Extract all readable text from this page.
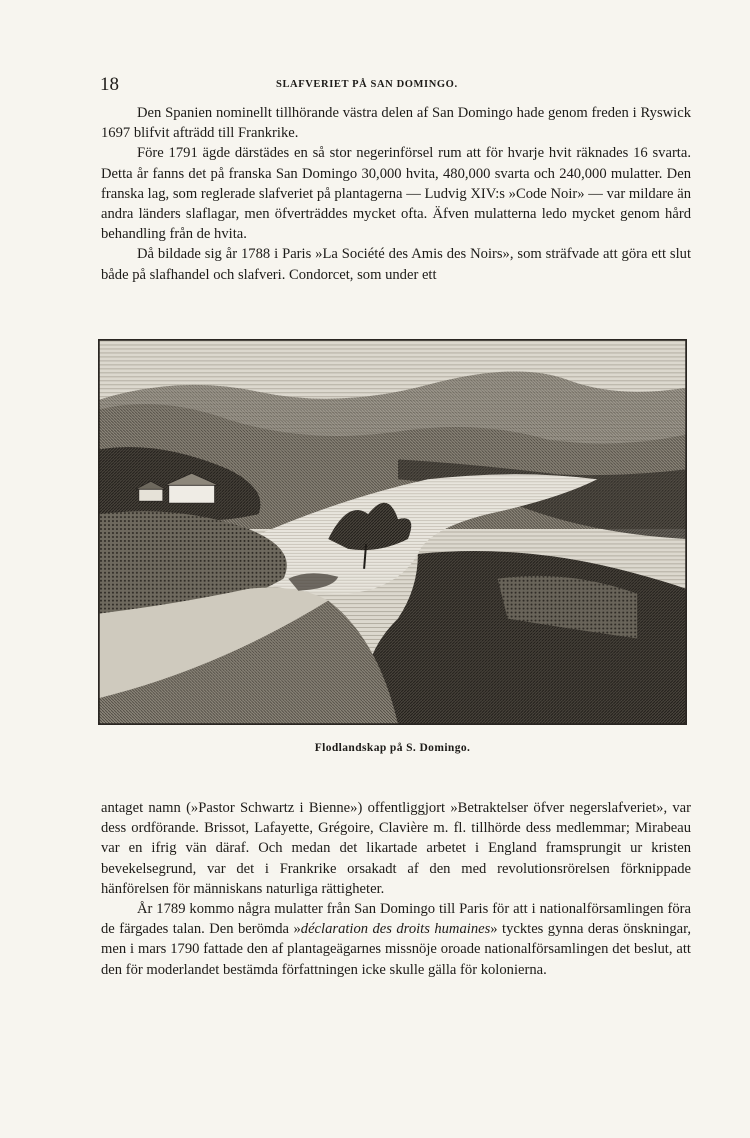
18	SLAFVERIET PÅ SAN DOMINGO.

Den Spanien nominellt tillhörande västra delen af San Domingo hade genom freden i Ryswick 1697 blifvit afträdd till Frankrike.

Före 1791 ägde därstädes en så stor negerinförsel rum att för hvarje hvit räknades 16 svarta. Detta år fanns det på franska San Domingo 30,000 hvita, 480,000 svarta och 240,000 mulatter. Den franska lag, som reglerade slafveriet på plantagerna — Ludvig XIV:s »Code Noir» — var mildare än andra länders slaflagar, men öfverträddes mycket ofta. Äfven mulatterna ledo mycket genom hård behandling från de hvita.

Då bildade sig år 1788 i Paris »La Société des Amis des Noirs», som sträfvade att göra ett slut både på slafhandel och slafveri. Condorcet, som under ett

Flodlandskap på S. Domingo.

antaget namn (»Pastor Schwartz i Bienne») offentliggjort »Betraktelser öfver negerslafveriet», var dess ordförande. Brissot, Lafayette, Grégoire, Clavière m. fl. tillhörde dess medlemmar; Mirabeau var en ifrig vän däraf. Och medan det likartade arbetet i England framsprungit ur kristen bevekelsegrund, var det i Frankrike orsakadt af den med revolutionsrörelsen förknippade hänförelsen för människans naturliga rättigheter.

År 1789 kommo några mulatter från San Domingo till Paris för att i nationalförsamlingen föra de färgades talan. Den berömda »déclaration des droits humaines» tycktes gynna deras önskningar, men i mars 1790 fattade den af plantageägarnes missnöje oroade nationalförsamlingen det beslut, att den för moderlandet bestämda författningen icke skulle gälla för kolonierna.
